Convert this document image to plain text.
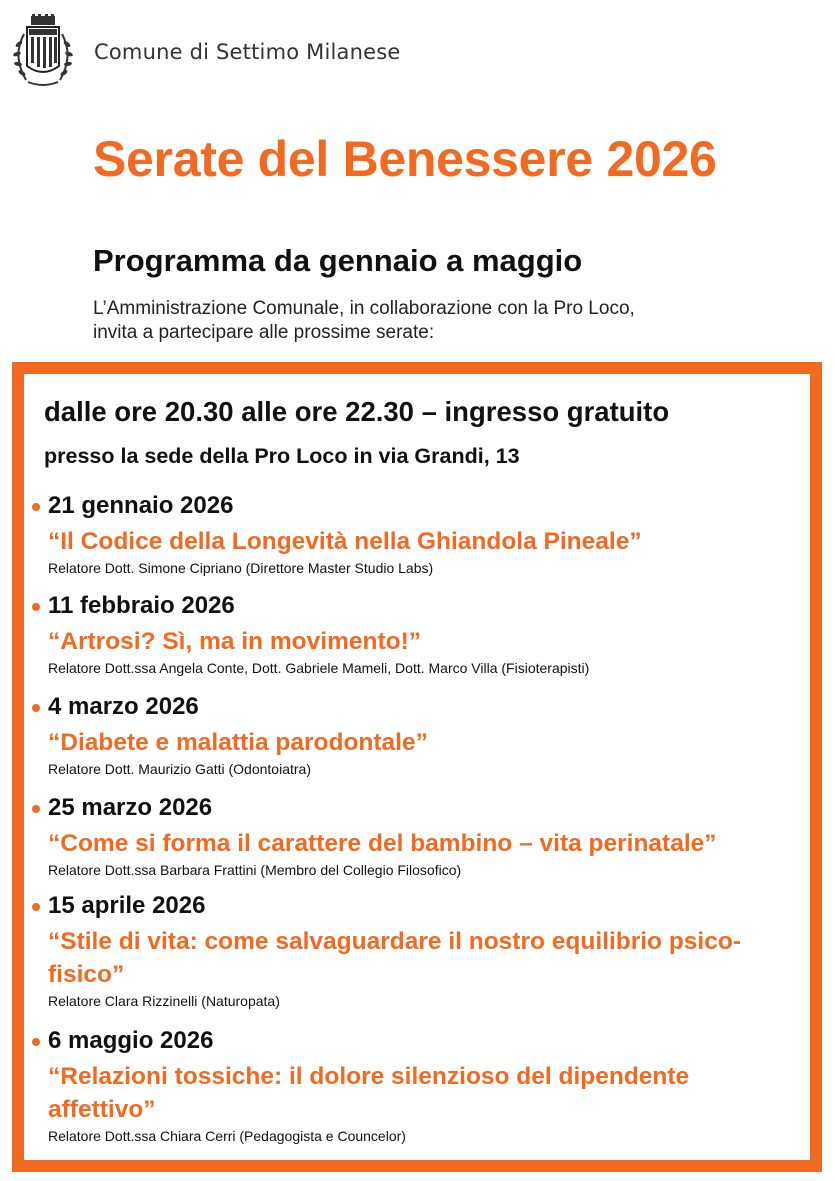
Comune di Settimo Milanese
Serate del Benessere 2026
Programma da gennaio a maggio

L’Amministrazione Comunale, in collaborazione con la Pro Loco,
invita a partecipare alle prossime serate:

dalle ore 20.30 alle ore 22.30 – ingresso gratuito

presso la sede della Pro Loco in via Grandi, 13

21 gennaio 2026

“Il Codice della Longevità nella Ghiandola Pineale”

Relatore Dott. Simone Cipriano (Direttore Master Studio Labs)

11 febbraio 2026

“Artrosi? Sì, ma in movimento!”

Relatore Dott.ssa Angela Conte, Dott. Gabriele Mameli, Dott. Marco Villa (Fisioterapisti)

4 marzo 2026

“Diabete e malattia parodontale”

Relatore Dott. Maurizio Gatti (Odontoiatra)

25 marzo 2026

“Come si forma il carattere del bambino – vita perinatale”

Relatore Dott.ssa Barbara Frattini (Membro del Collegio Filosofico)

15 aprile 2026

“Stile di vita: come salvaguardare il nostro equilibrio psico-fisico”

Relatore Clara Rizzinelli (Naturopata)

6 maggio 2026

“Relazioni tossiche: il dolore silenzioso del dipendente affettivo”

Relatore Dott.ssa Chiara Cerri (Pedagogista e Councelor)
